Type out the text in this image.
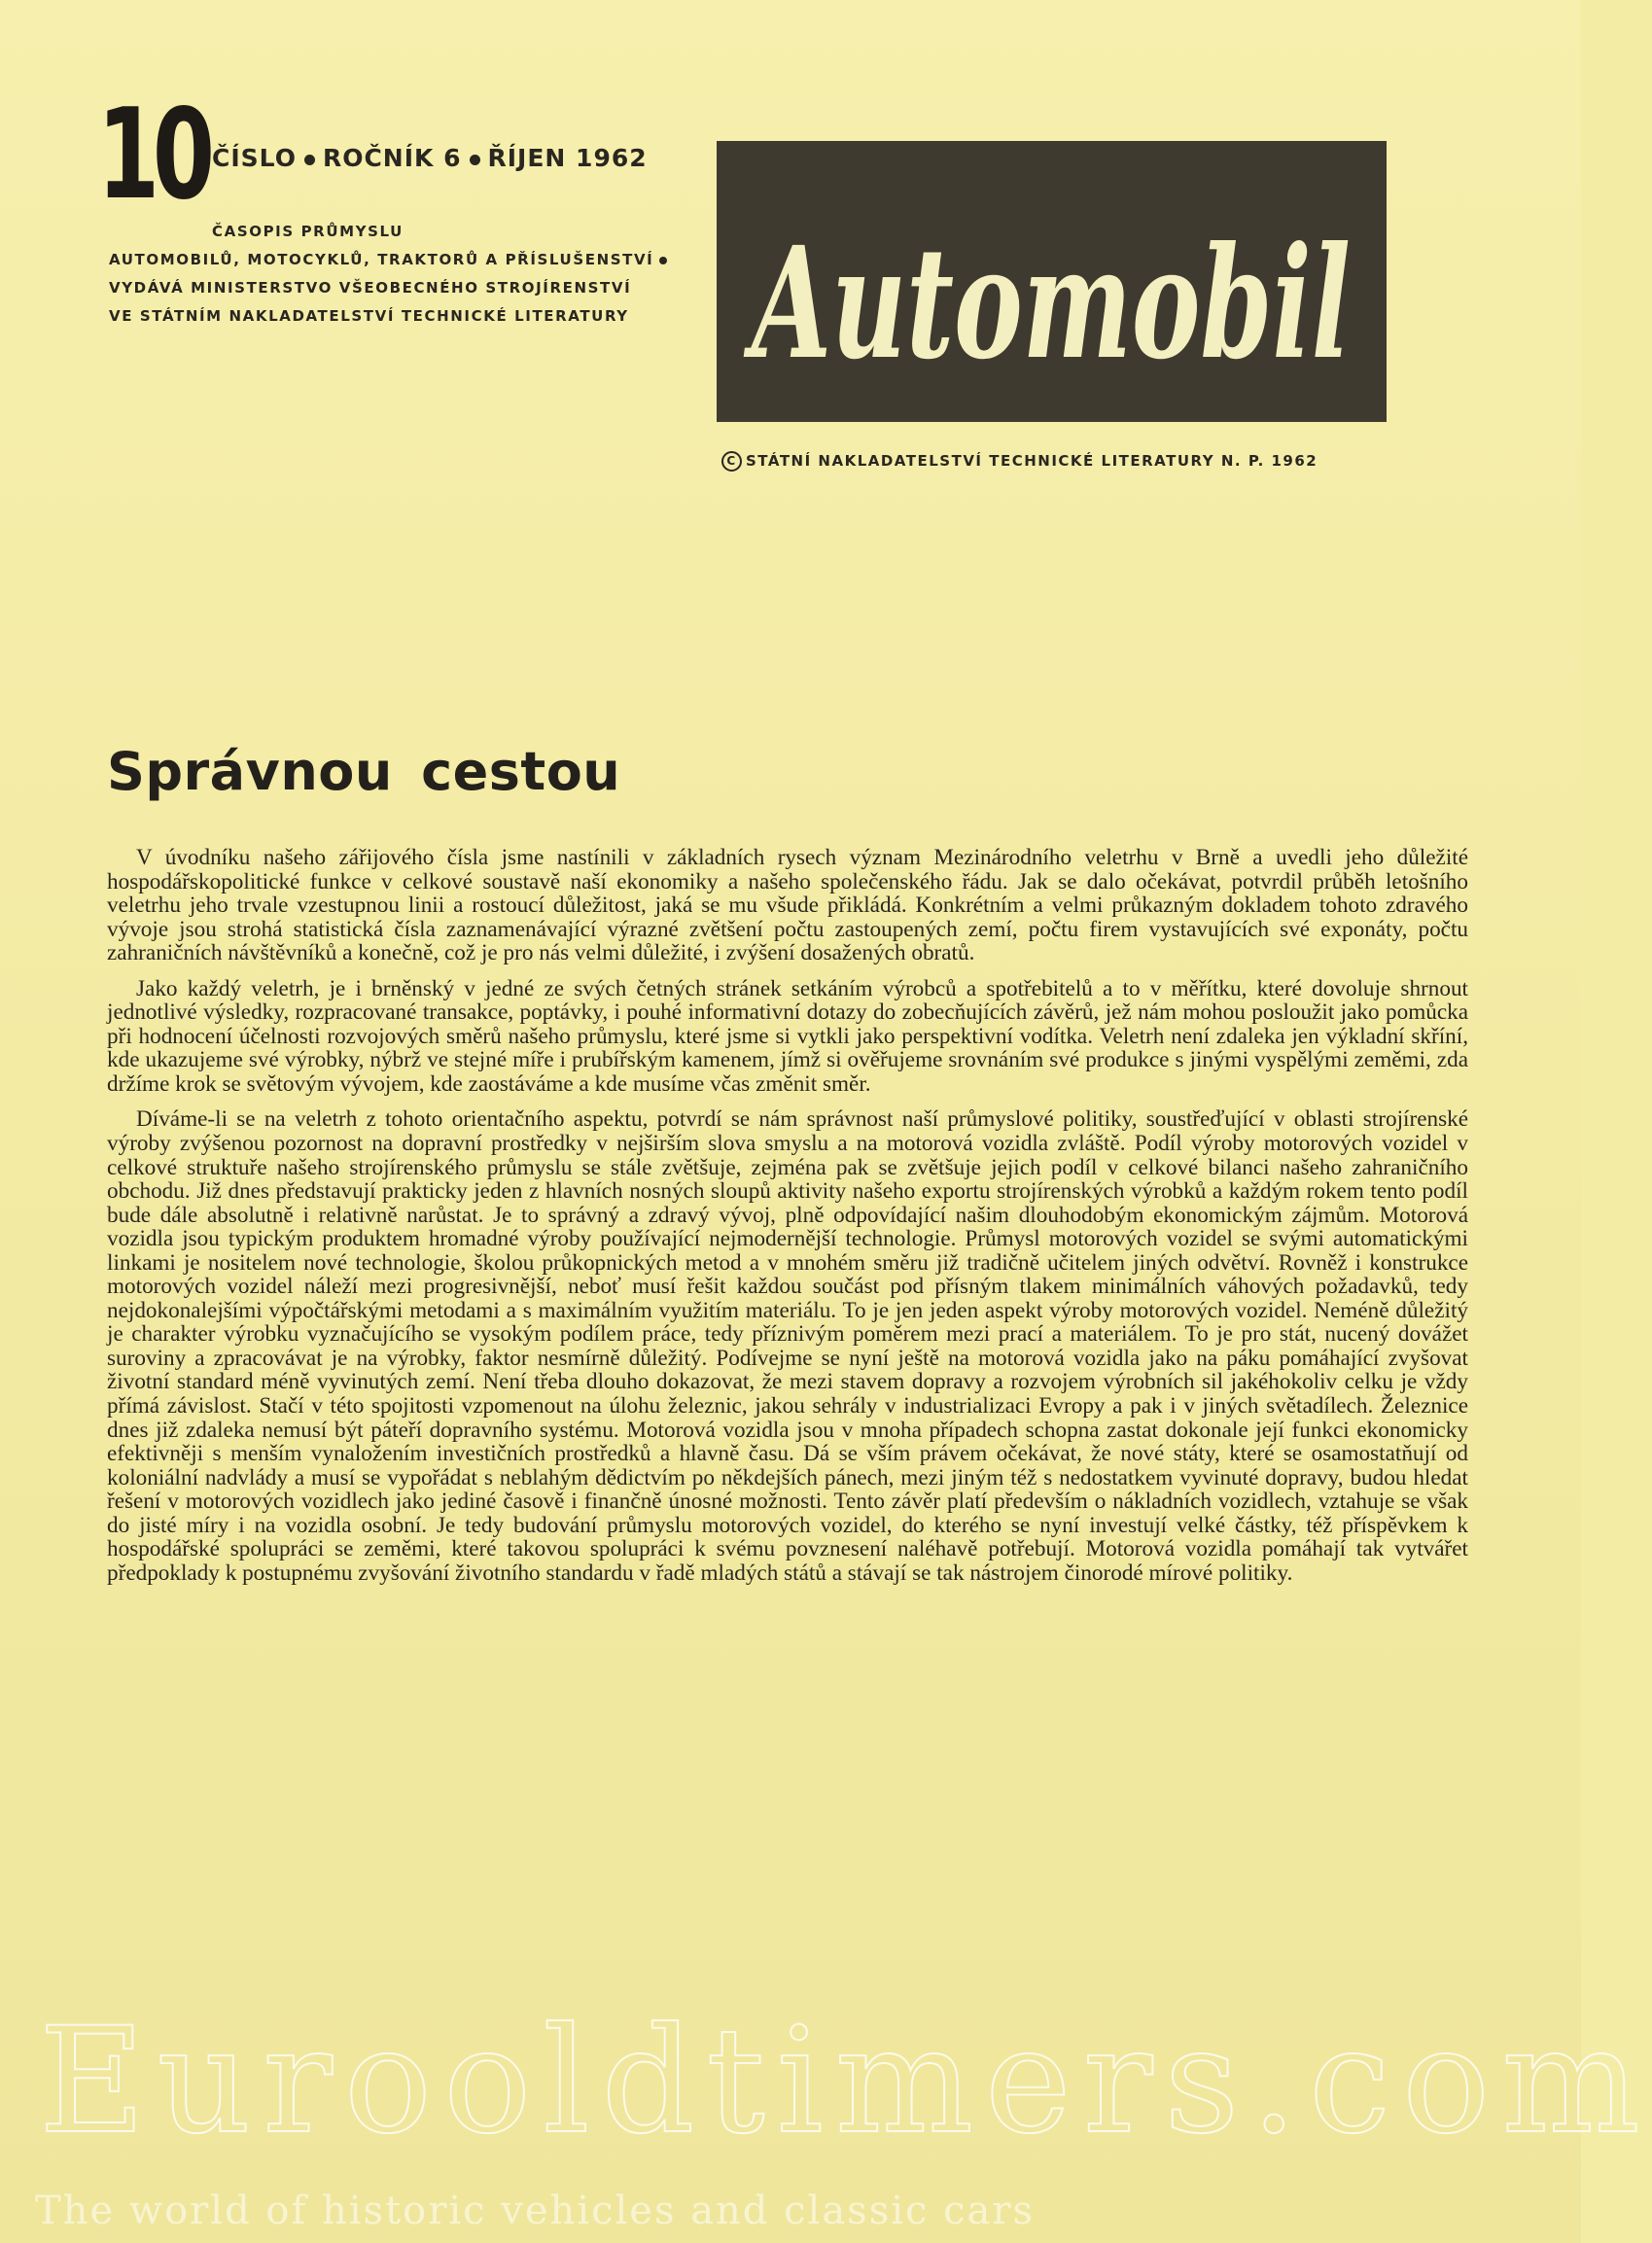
10 ČÍSLO ROČNÍK 6 ŘÍJEN 1962
ČASOPIS PRŮMYSLU
AUTOMOBILŮ, MOTOCYKLŮ, TRAKTORŮ A PŘÍSLUŠENSTVÍ
VYDÁVÁ MINISTERSTVO VŠEOBECNÉHO STROJÍRENSTVÍ
VE STÁTNÍM NAKLADATELSTVÍ TECHNICKÉ LITERATURY Automobil
C STÁTNÍ NAKLADATELSTVÍ TECHNICKÉ LITERATURY N. P. 1962
Správnou cestou

V úvodníku našeho zářijového čísla jsme nastínili v základních rysech význam Mezinárodního veletrhu v Brně a uvedli jeho důležité hospodářskopolitické funkce v celkové soustavě naší ekonomiky a našeho společenského řádu. Jak se dalo očekávat, potvrdil průběh letošního veletrhu jeho trvale vzestupnou linii a rostoucí důležitost, jaká se mu všude přikládá. Konkrétním a velmi průkazným dokladem tohoto zdravého vývoje jsou strohá statistická čísla zaznamenávající výrazné zvětšení počtu zastoupených zemí, počtu firem vystavujících své exponáty, počtu zahraničních návštěvníků a konečně, což je pro nás velmi důležité, i zvýšení dosažených obratů.

Jako každý veletrh, je i brněnský v jedné ze svých četných stránek setkáním výrobců a spotřebitelů a to v měřítku, které dovoluje shrnout jednotlivé výsledky, rozpracované transakce, poptávky, i pouhé informativní dotazy do zobecňujících závěrů, jež nám mohou posloužit jako pomůcka při hodnocení účelnosti rozvojových směrů našeho průmyslu, které jsme si vytkli jako perspektivní vodítka. Veletrh není zdaleka jen výkladní skříní, kde ukazujeme své výrobky, nýbrž ve stejné míře i prubířským kamenem, jímž si ověřujeme srovnáním své produkce s jinými vyspělými zeměmi, zda držíme krok se světovým vývojem, kde zaostáváme a kde musíme včas změnit směr.

Díváme-li se na veletrh z tohoto orientačního aspektu, potvrdí se nám správnost naší průmyslové politiky, soustřeďující v oblasti strojírenské výroby zvýšenou pozornost na dopravní prostředky v nejširším slova smyslu a na motorová vozidla zvláště. Podíl výroby motorových vozidel v celkové struktuře našeho strojírenského průmyslu se stále zvětšuje, zejména pak se zvětšuje jejich podíl v celkové bilanci našeho zahraničního obchodu. Již dnes představují prakticky jeden z hlavních nosných sloupů aktivity našeho exportu strojírenských výrobků a každým rokem tento podíl bude dále absolutně i relativně narůstat. Je to správný a zdravý vývoj, plně odpovídající našim dlouhodobým ekonomickým zájmům. Motorová vozidla jsou typickým produktem hromadné výroby používající nejmodernější technologie. Průmysl motorových vozidel se svými automatickými linkami je nositelem nové technologie, školou průkopnických metod a v mnohém směru již tradičně učitelem jiných odvětví. Rovněž i konstrukce motorových vozidel náleží mezi progresivnější, neboť musí řešit každou součást pod přísným tlakem minimálních váhových požadavků, tedy nejdokonalejšími výpočtářskými metodami a s maximálním využitím materiálu. To je jen jeden aspekt výroby motorových vozidel. Neméně důležitý je charakter výrobku vyznačujícího se vysokým podílem práce, tedy příznivým poměrem mezi prací a materiálem. To je pro stát, nucený dovážet suroviny a zpracovávat je na výrobky, faktor nesmírně důležitý. Podívejme se nyní ještě na motorová vozidla jako na páku pomáhající zvyšovat životní standard méně vyvinutých zemí. Není třeba dlouho dokazovat, že mezi stavem dopravy a rozvojem výrobních sil jakéhokoliv celku je vždy přímá závislost. Stačí v této spojitosti vzpomenout na úlohu železnic, jakou sehrály v industrializaci Evropy a pak i v jiných světadílech. Železnice dnes již zdaleka nemusí být páteří dopravního systému. Motorová vozidla jsou v mnoha případech schopna zastat dokonale její funkci ekonomicky efektivněji s menším vynaložením investičních prostředků a hlavně času. Dá se vším právem očekávat, že nové státy, které se osamostatňují od koloniální nadvlády a musí se vypořádat s neblahým dědictvím po někdejších pánech, mezi jiným též s nedostatkem vyvinuté dopravy, budou hledat řešení v motorových vozidlech jako jediné časově i finančně únosné možnosti. Tento závěr platí především o nákladních vozidlech, vztahuje se však do jisté míry i na vozidla osobní. Je tedy budování průmyslu motorových vozidel, do kterého se nyní investují velké částky, též příspěvkem k hospodářské spolupráci se zeměmi, které takovou spolupráci k svému povznesení naléhavě potřebují. Motorová vozidla pomáhají tak vytvářet předpoklady k postupnému zvyšování životního standardu v řadě mladých států a stávají se tak nástrojem činorodé mírové politiky.

Eurooldtimers.com
The world of historic vehicles and classic cars
